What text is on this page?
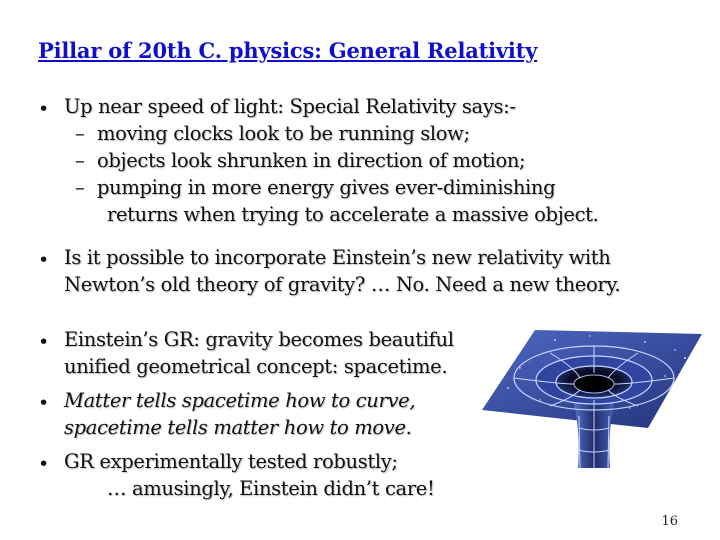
Pillar of 20th C. physics: General Relativity
• Up near speed of light: Special Relativity says:-
– moving clocks look to be running slow;
– objects look shrunken in direction of motion;
– pumping in more energy gives ever-diminishing
returns when trying to accelerate a massive object.
• Is it possible to incorporate Einstein’s new relativity with
Newton’s old theory of gravity? … No. Need a new theory.
• Einstein’s GR: gravity becomes beautiful
unified geometrical concept: spacetime.
• Matter tells spacetime how to curve,
spacetime tells matter how to move.
• GR experimentally tested robustly;
… amusingly, Einstein didn’t care!
16
